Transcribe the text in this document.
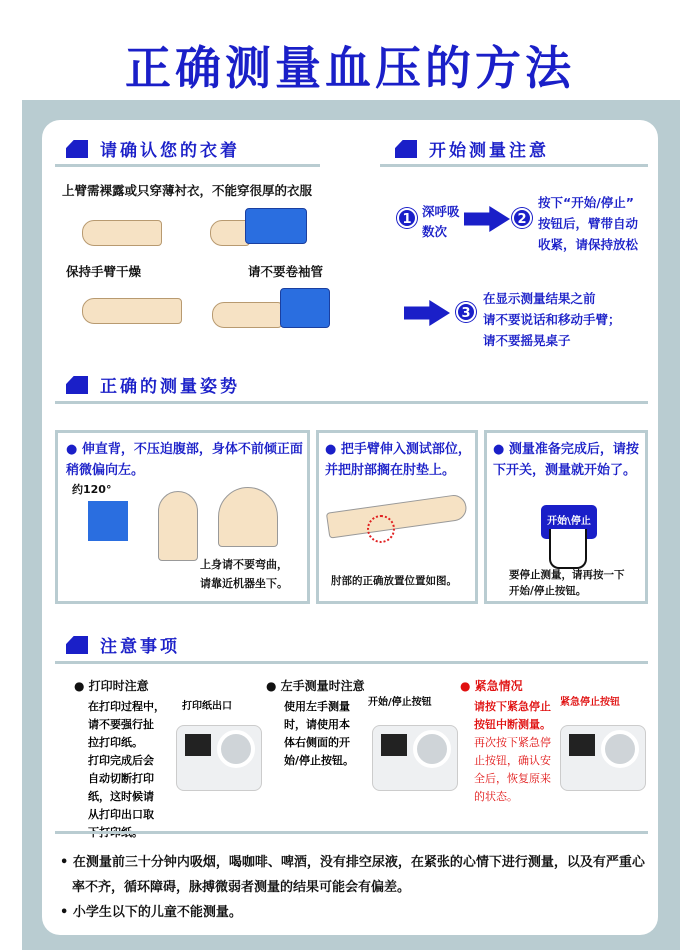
正确测量血压的方法
请确认您的衣着
上臂需裸露或只穿薄衬衣，不能穿很厚的衣服
保持手臂干燥	请不要卷袖管
开始测量注意
1
深呼吸
数次
2
按下“开始/停止”
按钮后，臂带自动
收紧，请保持放松
3
在显示测量结果之前
请不要说话和移动手臂；
请不要摇晃桌子
正确的测量姿势

● 伸直背，不压迫腹部，身体不前倾正面稍微偏向左。

约120°
上身请不要弯曲，
请靠近机器坐下。

● 把手臂伸入测试部位，并把肘部搁在肘垫上。

肘部的正确放置位置如图。

● 测量准备完成后，请按下开关，测量就开始了。

开始\停止
要停止测量，请再按一下
开始/停止按钮。
注意事项
● 打印时注意
在打印过程中，
请不要强行扯
拉打印纸。
打印完成后会
自动切断打印
纸，这时候请
从打印出口取
打印纸出口
● 左手测量时注意
使用左手测量
时，请使用本
体右侧面的开
始/停止按钮。
开始/停止按钮
● 紧急情况
请按下紧急停止
按钮中断测量。
再次按下紧急停
止按钮，确认安
全后，恢复原来
的状态。
紧急停止按钮
• 在测量前三十分钟内吸烟，喝咖啡、啤酒，没有排空尿液，在紧张的心情下进行测量，以及有严重心率不齐，循环障碍，脉搏微弱者测量的结果可能会有偏差。
• 小学生以下的儿童不能测量。
